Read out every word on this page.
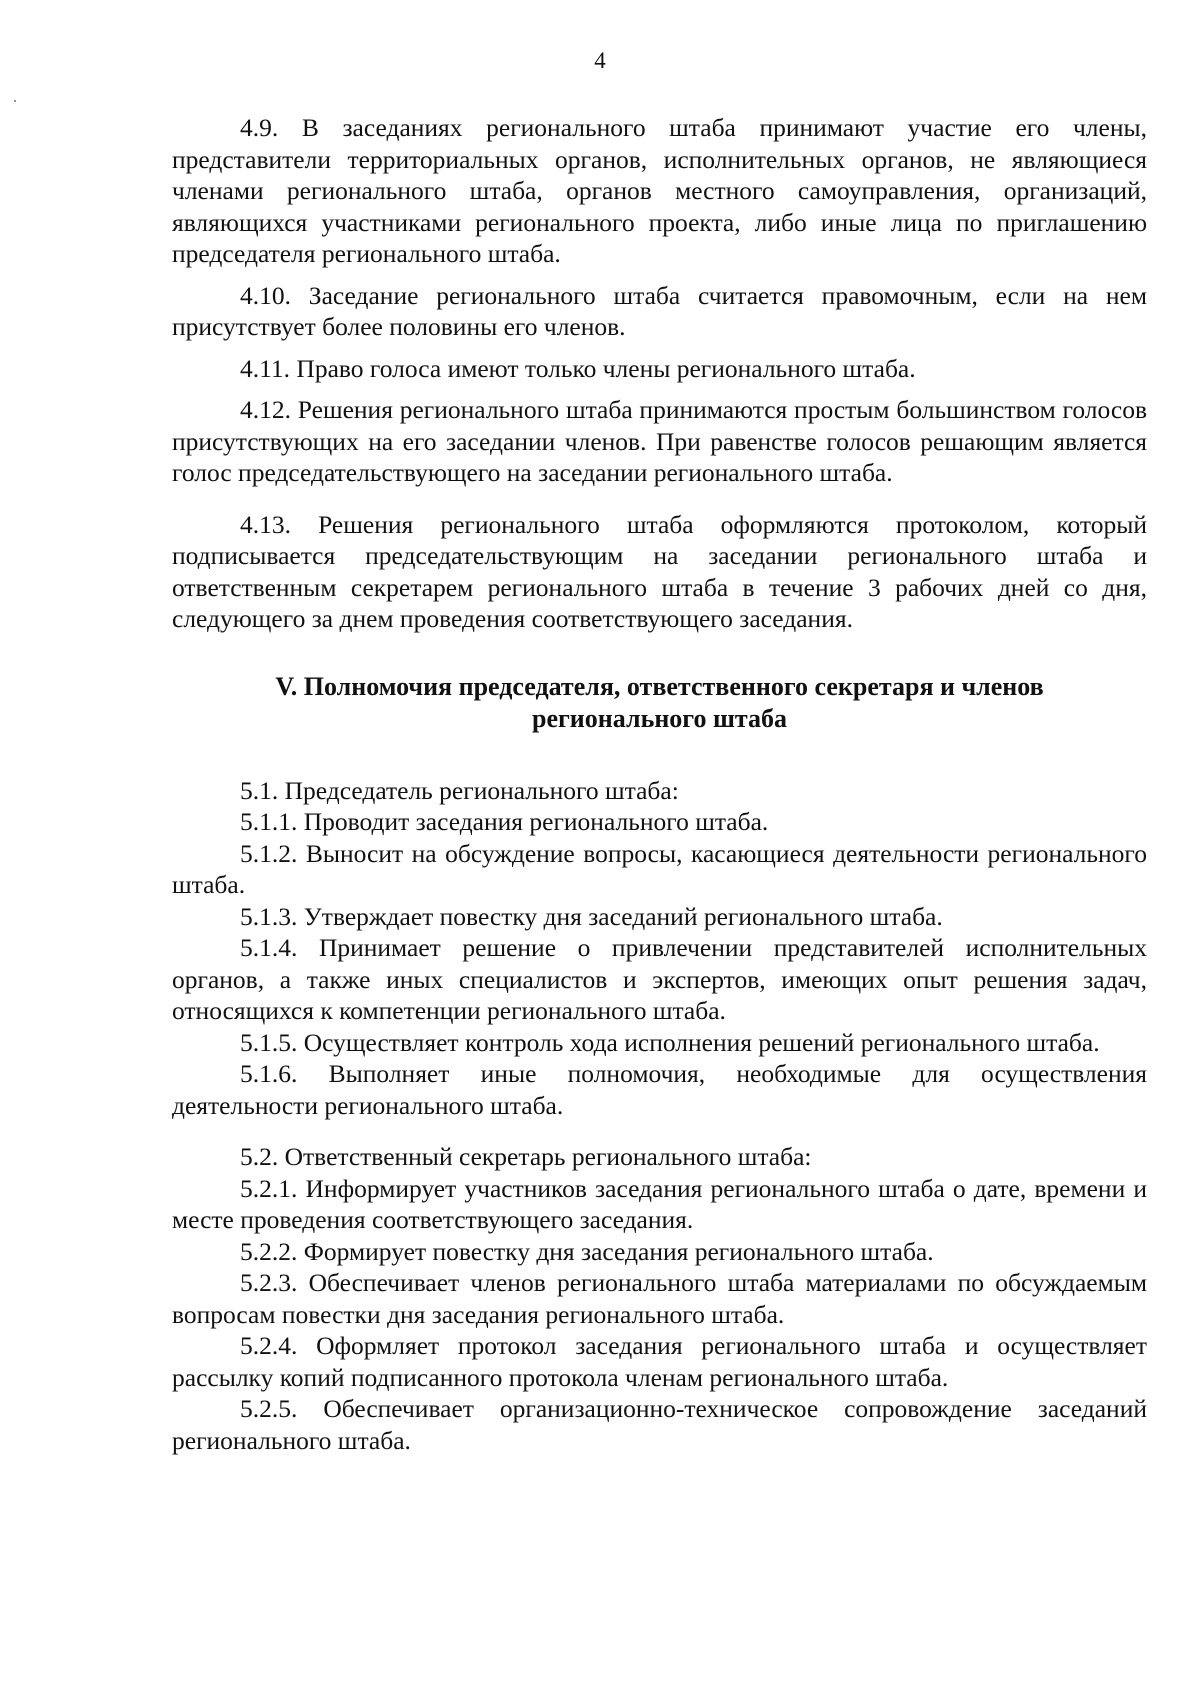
4

4.9. В заседаниях регионального штаба принимают участие его члены, представители территориальных органов, исполнительных органов, не являющиеся членами регионального штаба, органов местного самоуправления, организаций, являющихся участниками регионального проекта, либо иные лица по приглашению председателя регионального штаба.

4.10. Заседание регионального штаба считается правомочным, если на нем присутствует более половины его членов.

4.11. Право голоса имеют только члены регионального штаба.

4.12. Решения регионального штаба принимаются простым большинством голосов присутствующих на его заседании членов. При равенстве голосов решающим является голос председательствующего на заседании регионального штаба.

4.13. Решения регионального штаба оформляются протоколом, который подписывается председательствующим на заседании регионального штаба и ответственным секретарем регионального штаба в течение 3 рабочих дней со дня, следующего за днем проведения соответствующего заседания.

V. Полномочия председателя, ответственного секретаря и членов регионального штаба

5.1. Председатель регионального штаба:

5.1.1. Проводит заседания регионального штаба.

5.1.2. Выносит на обсуждение вопросы, касающиеся деятельности регионального штаба.

5.1.3. Утверждает повестку дня заседаний регионального штаба.

5.1.4. Принимает решение о привлечении представителей исполнительных органов, а также иных специалистов и экспертов, имеющих опыт решения задач, относящихся к компетенции регионального штаба.

5.1.5. Осуществляет контроль хода исполнения решений регионального штаба.

5.1.6. Выполняет иные полномочия, необходимые для осуществления деятельности регионального штаба.

5.2. Ответственный секретарь регионального штаба:

5.2.1. Информирует участников заседания регионального штаба о дате, времени и месте проведения соответствующего заседания.

5.2.2. Формирует повестку дня заседания регионального штаба.

5.2.3. Обеспечивает членов регионального штаба материалами по обсуждаемым вопросам повестки дня заседания регионального штаба.

5.2.4. Оформляет протокол заседания регионального штаба и осуществляет рассылку копий подписанного протокола членам регионального штаба.

5.2.5. Обеспечивает организационно-техническое сопровождение заседаний регионального штаба.
